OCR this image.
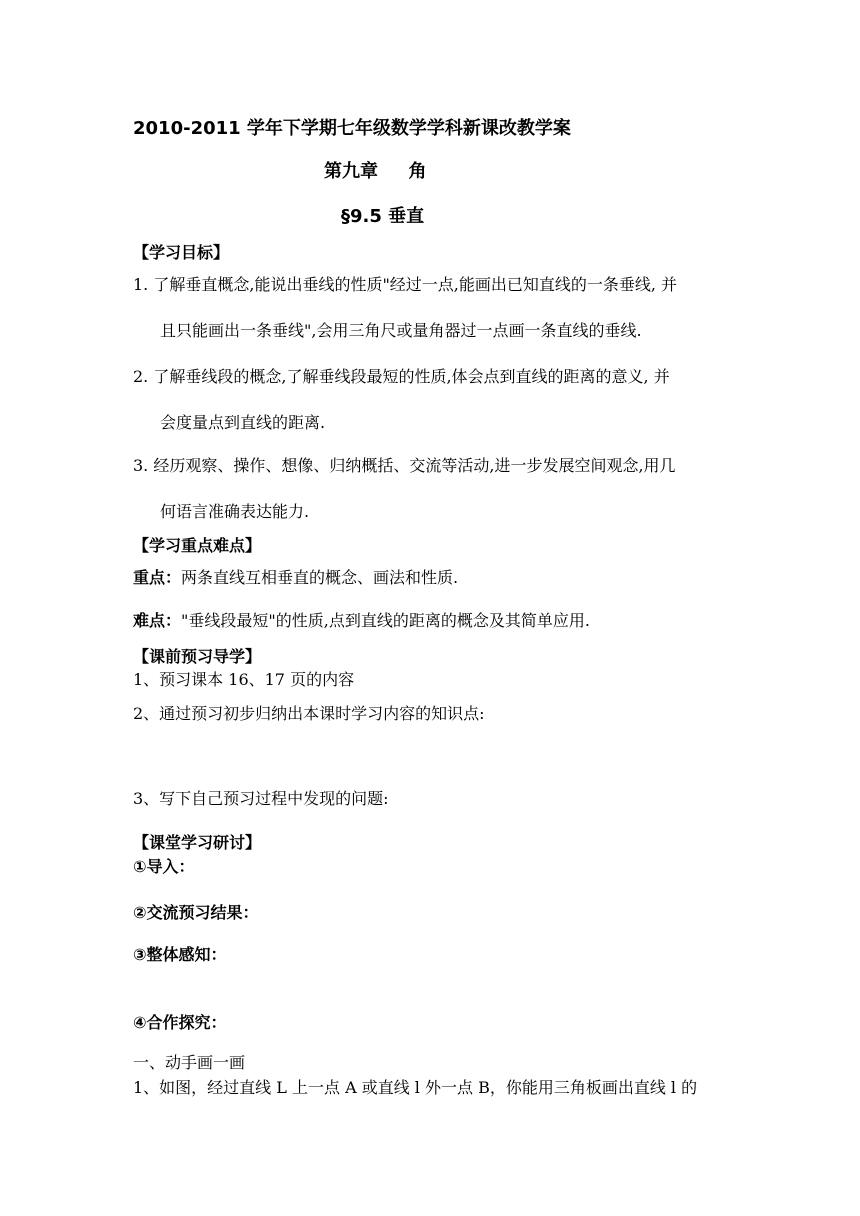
2010-2011 学年下学期七年级数学学科新课改教学案
第九章 　 角
§9.5 垂直
【学习目标】
1. 了解垂直概念,能说出垂线的性质"经过一点,能画出已知直线的一条垂线, 并
且只能画出一条垂线",会用三角尺或量角器过一点画一条直线的垂线.
2. 了解垂线段的概念,了解垂线段最短的性质,体会点到直线的距离的意义, 并
会度量点到直线的距离.
3. 经历观察、操作、想像、归纳概括、交流等活动,进一步发展空间观念,用几
何语言准确表达能力.
【学习重点难点】
重点：两条直线互相垂直的概念、画法和性质.
难点："垂线段最短"的性质,点到直线的距离的概念及其简单应用.
【课前预习导学】
1、预习课本 16、17 页的内容
2、通过预习初步归纳出本课时学习内容的知识点:
3、写下自己预习过程中发现的问题:
【课堂学习研讨】
①导入：
②交流预习结果：
③整体感知：
④合作探究：
一、动手画一画
1、如图，经过直线 L 上一点 A 或直线 l 外一点 B，你能用三角板画出直线 l 的
